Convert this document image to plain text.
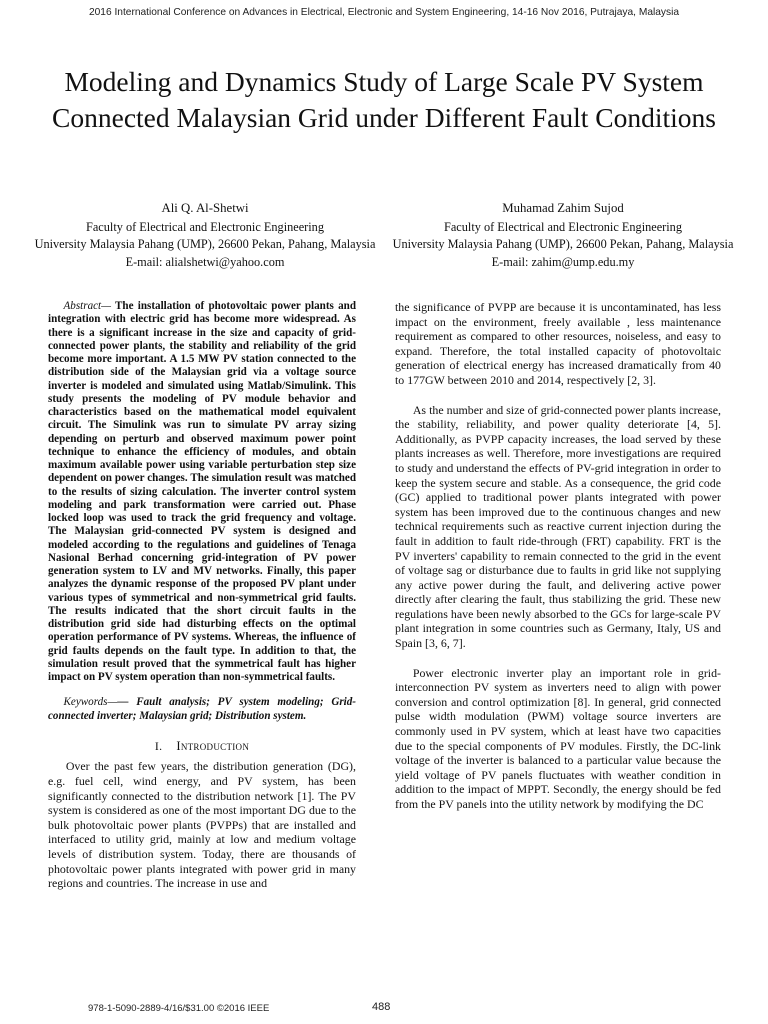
2016 International Conference on Advances in Electrical, Electronic and System Engineering, 14-16 Nov 2016, Putrajaya, Malaysia
Modeling and Dynamics Study of Large Scale PV System Connected Malaysian Grid under Different Fault Conditions
Ali Q. Al-Shetwi
Faculty of Electrical and Electronic Engineering
University Malaysia Pahang (UMP), 26600 Pekan, Pahang, Malaysia
E-mail: alialshetwi@yahoo.com
Muhamad Zahim Sujod
Faculty of Electrical and Electronic Engineering
University Malaysia Pahang (UMP), 26600 Pekan, Pahang, Malaysia
E-mail: zahim@ump.edu.my

Abstract— The installation of photovoltaic power plants and integration with electric grid has become more widespread. As there is a significant increase in the size and capacity of grid-connected power plants, the stability and reliability of the grid become more important. A 1.5 MW PV station connected to the distribution side of the Malaysian grid via a voltage source inverter is modeled and simulated using Matlab/Simulink. This study presents the modeling of PV module behavior and characteristics based on the mathematical model equivalent circuit. The Simulink was run to simulate PV array sizing depending on perturb and observed maximum power point technique to enhance the efficiency of modules, and obtain maximum available power using variable perturbation step size dependent on power changes. The simulation result was matched to the results of sizing calculation. The inverter control system modeling and park transformation were carried out. Phase locked loop was used to track the grid frequency and voltage. The Malaysian grid-connected PV system is designed and modeled according to the regulations and guidelines of Tenaga Nasional Berhad concerning grid-integration of PV power generation system to LV and MV networks. Finally, this paper analyzes the dynamic response of the proposed PV plant under various types of symmetrical and non-symmetrical grid faults. The results indicated that the short circuit faults in the distribution grid side had disturbing effects on the optimal operation performance of PV systems. Whereas, the influence of grid faults depends on the fault type. In addition to that, the simulation result proved that the symmetrical fault has higher impact on PV system operation than non-symmetrical faults.

Keywords—— Fault analysis; PV system modeling; Grid-connected inverter; Malaysian grid; Distribution system.

I. Introduction

Over the past few years, the distribution generation (DG), e.g. fuel cell, wind energy, and PV system, has been significantly connected to the distribution network [1]. The PV system is considered as one of the most important DG due to the bulk photovoltaic power plants (PVPPs) that are installed and interfaced to utility grid, mainly at low and medium voltage levels of distribution system. Today, there are thousands of photovoltaic power plants integrated with power grid in many regions and countries. The increase in use and

the significance of PVPP are because it is uncontaminated, has less impact on the environment, freely available , less maintenance requirement as compared to other resources, noiseless, and easy to expand. Therefore, the total installed capacity of photovoltaic generation of electrical energy has increased dramatically from 40 to 177GW between 2010 and 2014, respectively [2, 3].

As the number and size of grid-connected power plants increase, the stability, reliability, and power quality deteriorate [4, 5]. Additionally, as PVPP capacity increases, the load served by these plants increases as well. Therefore, more investigations are required to study and understand the effects of PV-grid integration in order to keep the system secure and stable. As a consequence, the grid code (GC) applied to traditional power plants integrated with power system has been improved due to the continuous changes and new technical requirements such as reactive current injection during the fault in addition to fault ride-through (FRT) capability. FRT is the PV inverters' capability to remain connected to the grid in the event of voltage sag or disturbance due to faults in grid like not supplying any active power during the fault, and delivering active power directly after clearing the fault, thus stabilizing the grid. These new regulations have been newly absorbed to the GCs for large-scale PV plant integration in some countries such as Germany, Italy, US and Spain [3, 6, 7].

Power electronic inverter play an important role in grid-interconnection PV system as inverters need to align with power conversion and control optimization [8]. In general, grid connected pulse width modulation (PWM) voltage source inverters are commonly used in PV system, which at least have two capacities due to the special components of PV modules. Firstly, the DC-link voltage of the inverter is balanced to a particular value because the yield voltage of PV panels fluctuates with weather condition in addition to the impact of MPPT. Secondly, the energy should be fed from the PV panels into the utility network by modifying the DC

978-1-5090-2889-4/16/$31.00 ©2016 IEEE	488
